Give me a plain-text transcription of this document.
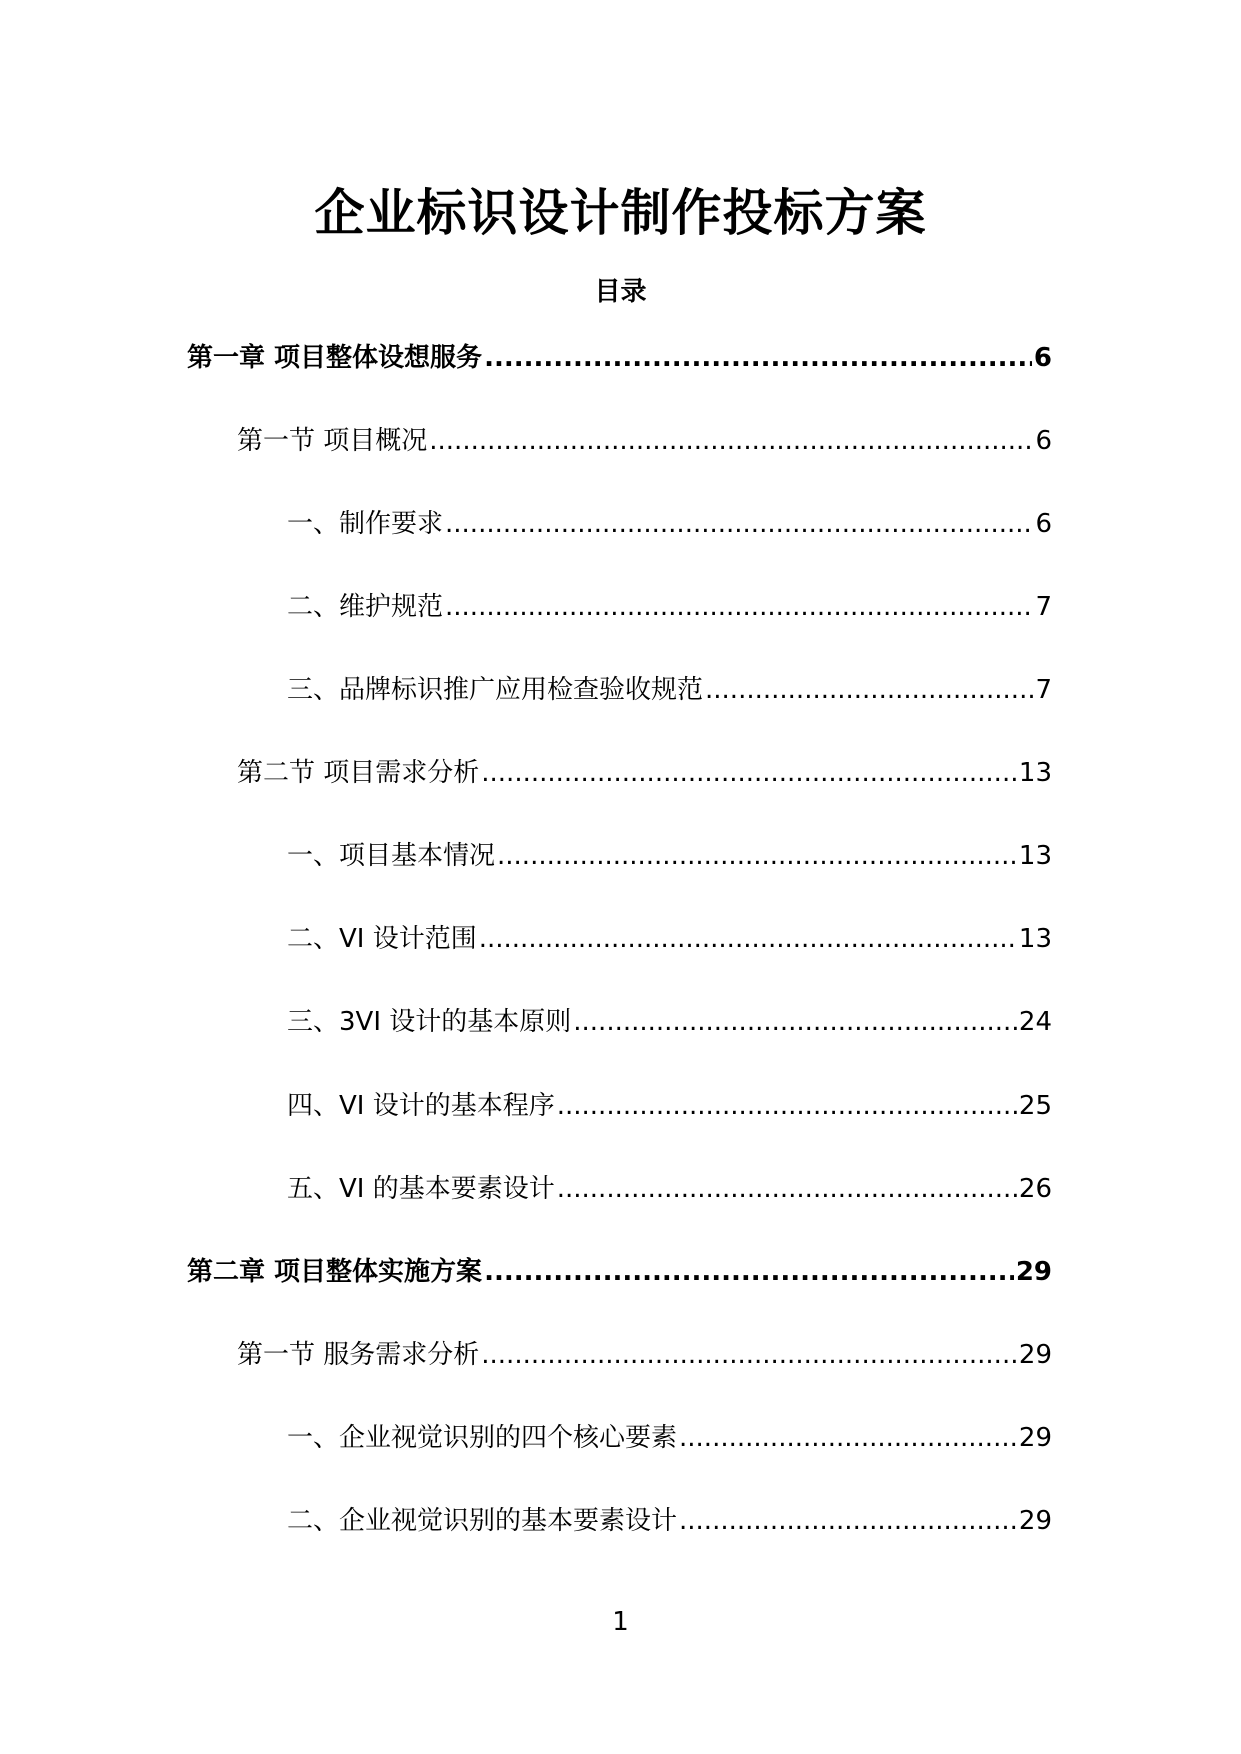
企业标识设计制作投标方案
目录
第一章 项目整体设想服务 .....	6
第一节 项目概况 .....	6
一、制作要求 .....	6
二、维护规范 .....	7
三、品牌标识推广应用检查验收规范 .....	7
第二节 项目需求分析 .....	13
一、项目基本情况 .....	13
二、VI 设计范围 .....	13
三、3VI 设计的基本原则 .....	24
四、VI 设计的基本程序 .....	25
五、VI 的基本要素设计 .....	26
第二章 项目整体实施方案 .....	29
第一节 服务需求分析 .....	29
一、企业视觉识别的四个核心要素 .....	29
二、企业视觉识别的基本要素设计 .....	29
1
